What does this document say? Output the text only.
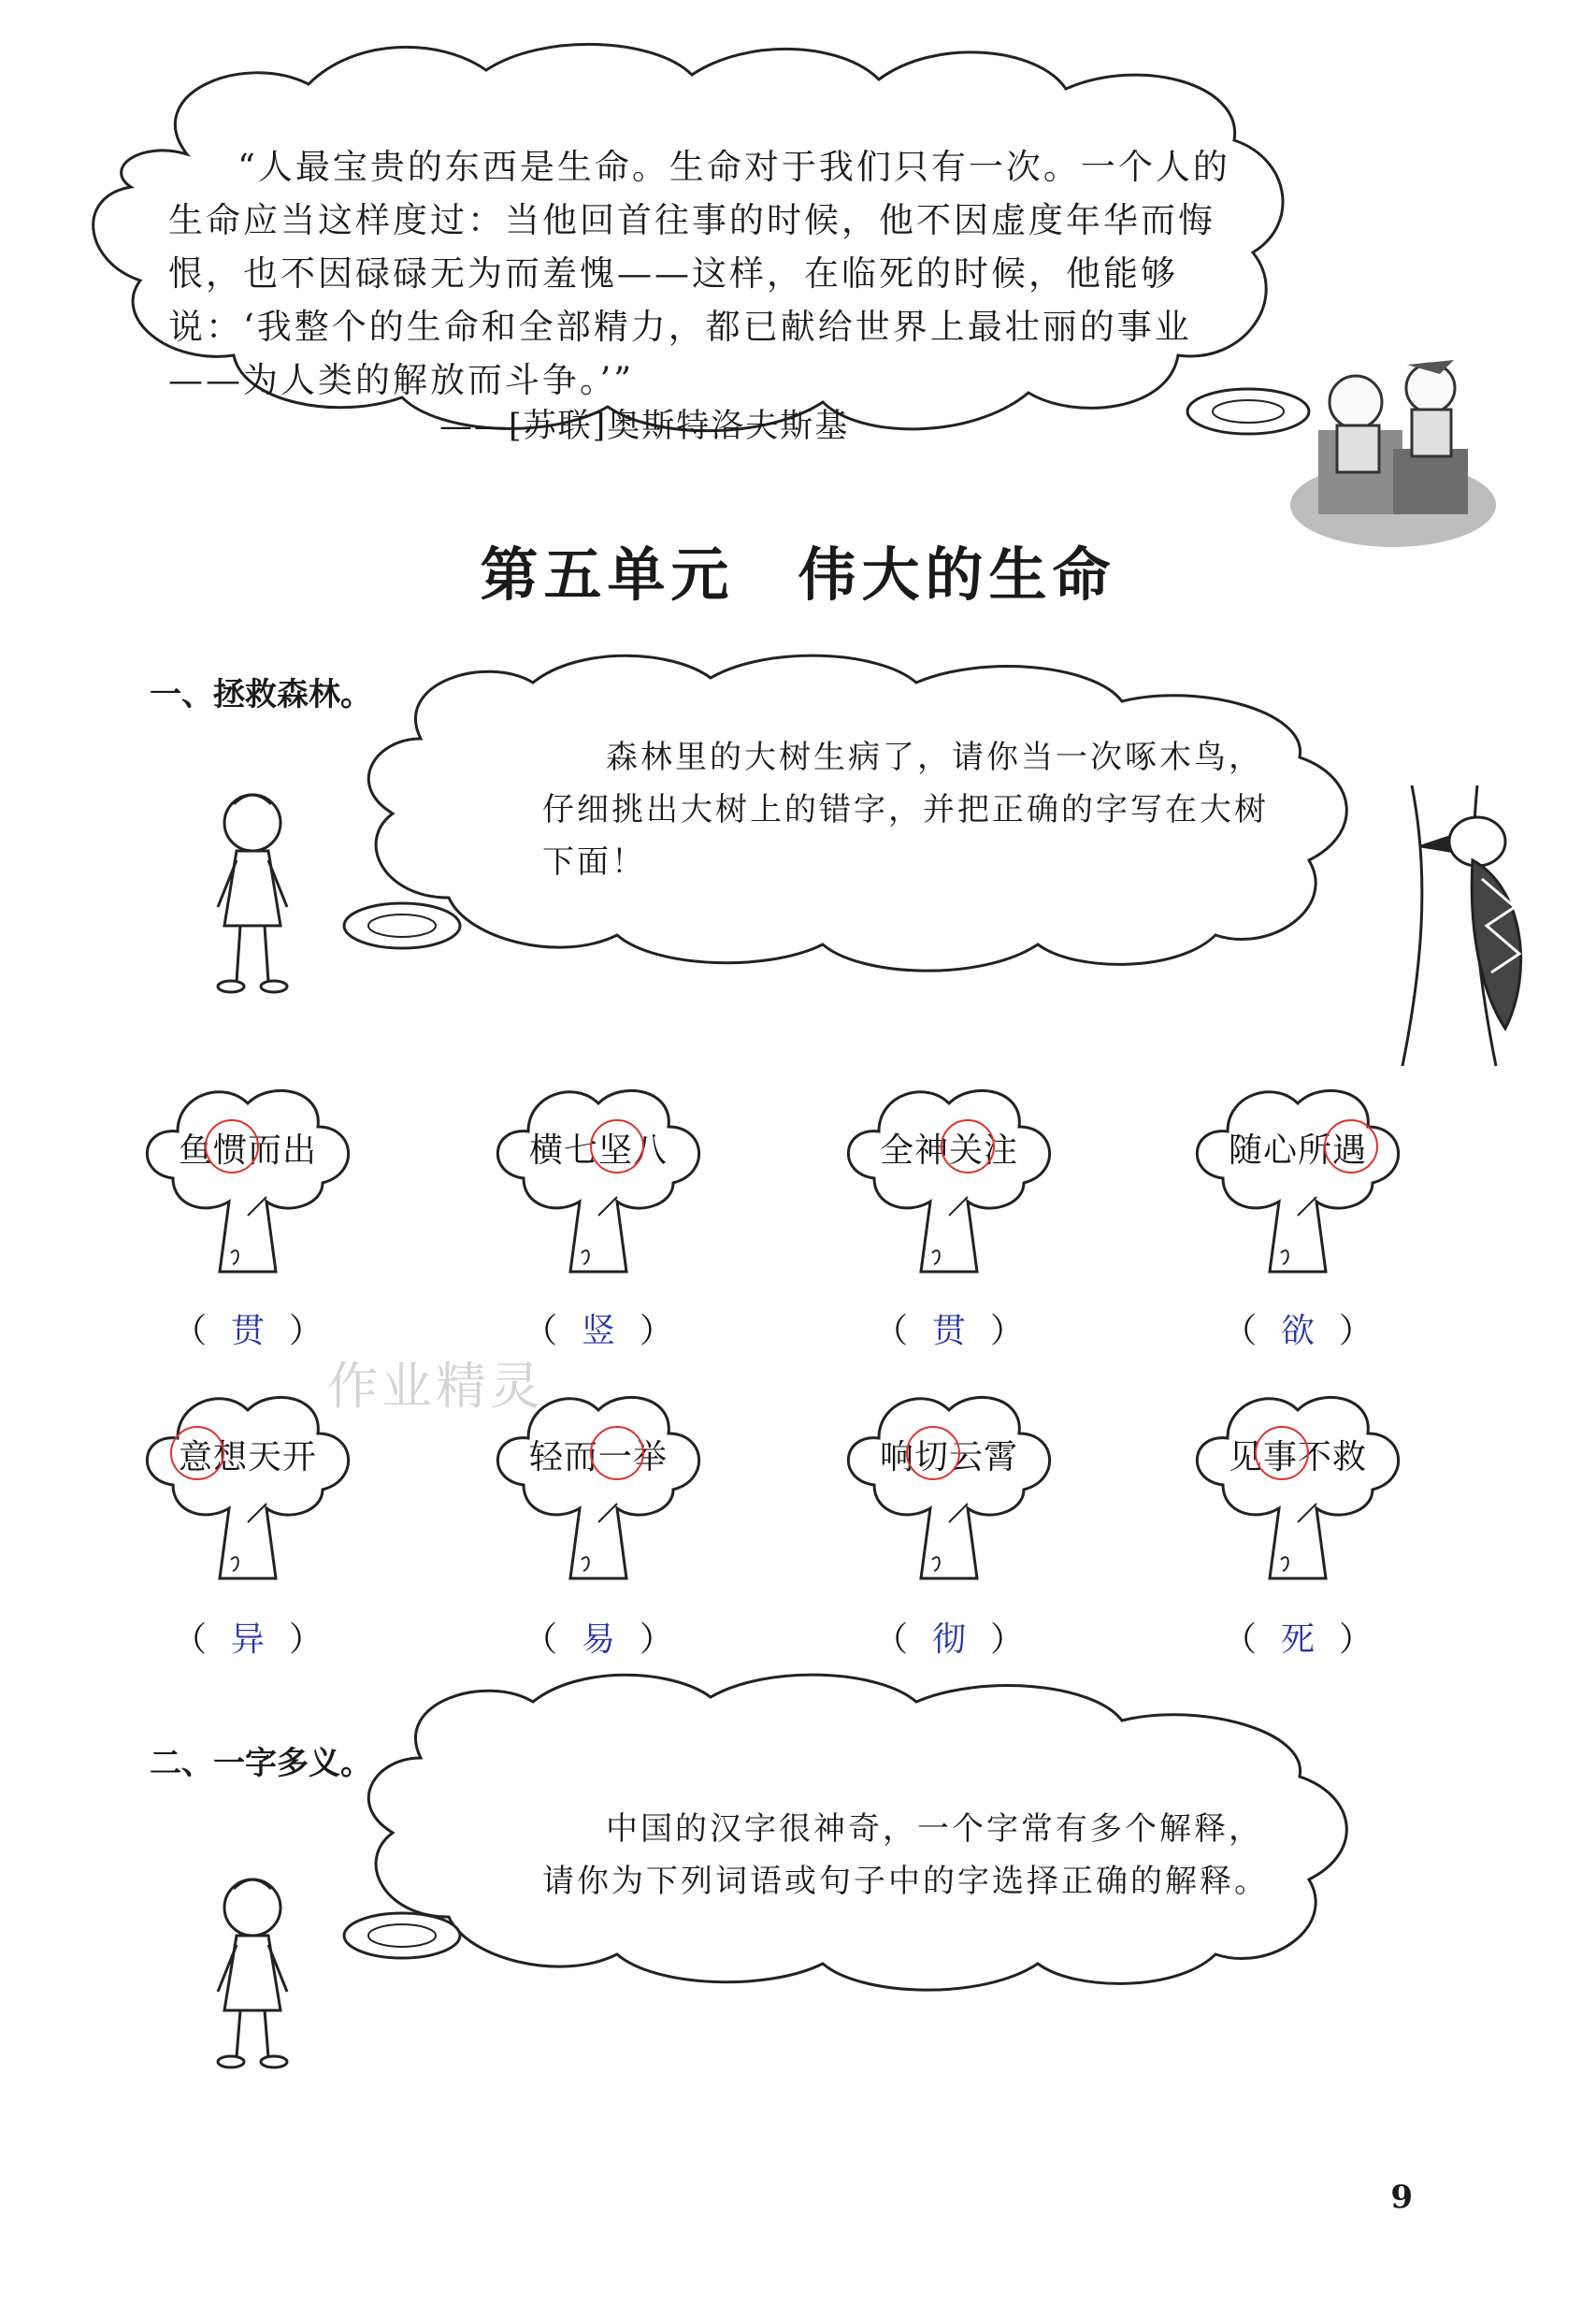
“人最宝贵的东西是生命。生命对于我们只有一次。一个人的生命应当这样度过：当他回首往事的时候，他不因虚度年华而悔恨，也不因碌碌无为而羞愧——这样，在临死的时候，他能够说：‘我整个的生命和全部精力，都已献给世界上最壮丽的事业——为人类的解放而斗争。’”

——[苏联]奥斯特洛夫斯基
第五单元　伟大的生命
一、拯救森林。

森林里的大树生病了，请你当一次啄木鸟，仔细挑出大树上的错字，并把正确的字写在大树下面！

鱼惯而出
（ 贯 ）
横七坚八
（ 竖 ）
全神关注
（ 贯 ）
随心所遇
（ 欲 ）
意想天开
（ 异 ）
轻而一举
（ 易 ）
响切云霄
（ 彻 ）
见事不救
（ 死 ）
二、一字多义。

中国的汉字很神奇，一个字常有多个解释，请你为下列词语或句子中的字选择正确的解释。

作业精灵
9
